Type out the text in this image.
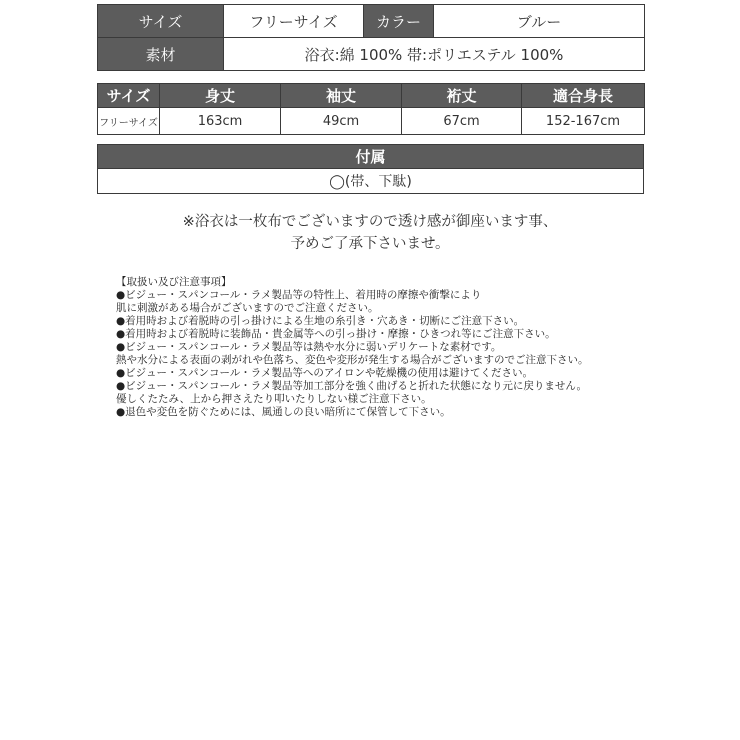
サイズ	フリーサイズ	カラー	ブルー
素材	浴衣:綿 100% 帯:ポリエステル 100%		
サイズ	身丈	袖丈	裄丈	適合身長
フリーサイズ	163cm	49cm	67cm	152-167cm
付属
◯(帯、下駄)
※浴衣は一枚布でございますので透け感が御座います事、
予めご了承下さいませ。
【取扱い及び注意事項】
●ビジュー・スパンコール・ラメ製品等の特性上、着用時の摩擦や衝撃により
肌に刺激がある場合がございますのでご注意ください。
●着用時および着脱時の引っ掛けによる生地の糸引き・穴あき・切断にご注意下さい。
●着用時および着脱時に装飾品・貴金属等への引っ掛け・摩擦・ひきつれ等にご注意下さい。
●ビジュー・スパンコール・ラメ製品等は熱や水分に弱いデリケートな素材です。
熱や水分による表面の剥がれや色落ち、変色や変形が発生する場合がございますのでご注意下さい。
●ビジュー・スパンコール・ラメ製品等へのアイロンや乾燥機の使用は避けてください。
●ビジュー・スパンコール・ラメ製品等加工部分を強く曲げると折れた状態になり元に戻りません。
優しくたたみ、上から押さえたり叩いたりしない様ご注意下さい。
●退色や変色を防ぐためには、風通しの良い暗所にて保管して下さい。
